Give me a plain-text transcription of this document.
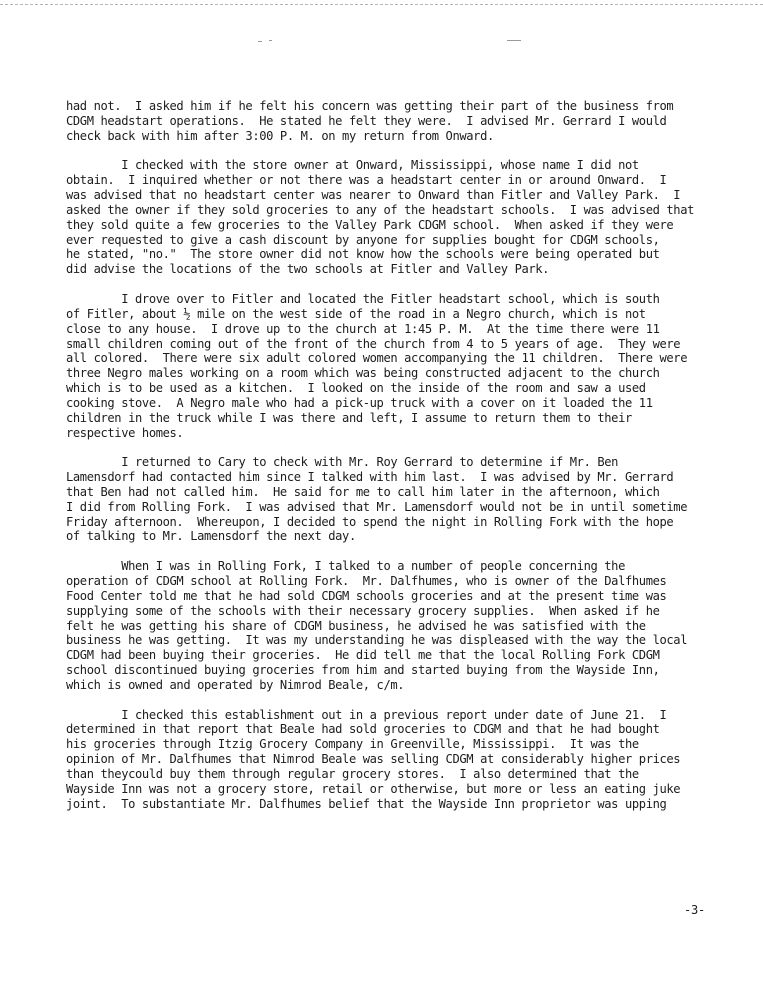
had not.  I asked him if he felt his concern was getting their part of the business from
CDGM headstart operations.  He stated he felt they were.  I advised Mr. Gerrard I would
check back with him after 3:00 P. M. on my return from Onward.
I checked with the store owner at Onward, Mississippi, whose name I did not
obtain.  I inquired whether or not there was a headstart center in or around Onward.  I
was advised that no headstart center was nearer to Onward than Fitler and Valley Park.  I
asked the owner if they sold groceries to any of the headstart schools.  I was advised that
they sold quite a few groceries to the Valley Park CDGM school.  When asked if they were
ever requested to give a cash discount by anyone for supplies bought for CDGM schools,
he stated, "no."  The store owner did not know how the schools were being operated but
did advise the locations of the two schools at Fitler and Valley Park.
I drove over to Fitler and located the Fitler headstart school, which is south
of Fitler, about ½ mile on the west side of the road in a Negro church, which is not
close to any house.  I drove up to the church at 1:45 P. M.  At the time there were 11
small children coming out of the front of the church from 4 to 5 years of age.  They were
all colored.  There were six adult colored women accompanying the 11 children.  There were
three Negro males working on a room which was being constructed adjacent to the church
which is to be used as a kitchen.  I looked on the inside of the room and saw a used
cooking stove.  A Negro male who had a pick-up truck with a cover on it loaded the 11
children in the truck while I was there and left, I assume to return them to their
respective homes.
I returned to Cary to check with Mr. Roy Gerrard to determine if Mr. Ben
Lamensdorf had contacted him since I talked with him last.  I was advised by Mr. Gerrard
that Ben had not called him.  He said for me to call him later in the afternoon, which
I did from Rolling Fork.  I was advised that Mr. Lamensdorf would not be in until sometime
Friday afternoon.  Whereupon, I decided to spend the night in Rolling Fork with the hope
of talking to Mr. Lamensdorf the next day.
When I was in Rolling Fork, I talked to a number of people concerning the
operation of CDGM school at Rolling Fork.  Mr. Dalfhumes, who is owner of the Dalfhumes
Food Center told me that he had sold CDGM schools groceries and at the present time was
supplying some of the schools with their necessary grocery supplies.  When asked if he
felt he was getting his share of CDGM business, he advised he was satisfied with the
business he was getting.  It was my understanding he was displeased with the way the local
CDGM had been buying their groceries.  He did tell me that the local Rolling Fork CDGM
school discontinued buying groceries from him and started buying from the Wayside Inn,
which is owned and operated by Nimrod Beale, c/m.
I checked this establishment out in a previous report under date of June 21.  I
determined in that report that Beale had sold groceries to CDGM and that he had bought
his groceries through Itzig Grocery Company in Greenville, Mississippi.  It was the
opinion of Mr. Dalfhumes that Nimrod Beale was selling CDGM at considerably higher prices
than theycould buy them through regular grocery stores.  I also determined that the
Wayside Inn was not a grocery store, retail or otherwise, but more or less an eating juke
joint.  To substantiate Mr. Dalfhumes belief that the Wayside Inn proprietor was upping
-3-
